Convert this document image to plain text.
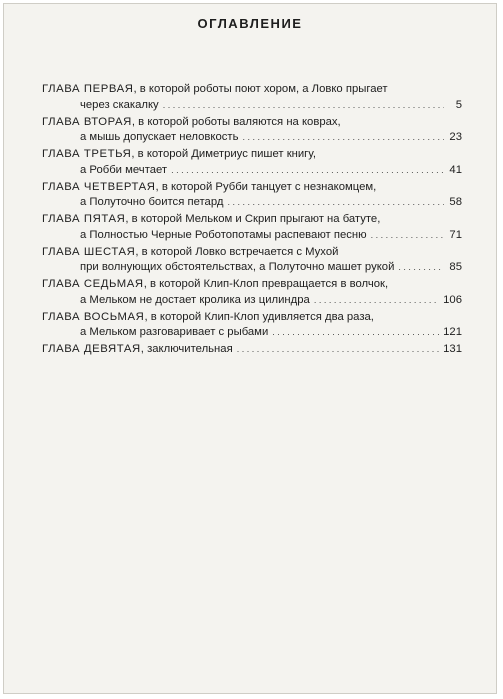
ОГЛАВЛЕНИЕ
ГЛАВА ПЕРВАЯ , в которой роботы поют хором, а Ловко прыгает
через скакалку . . .	5
ГЛАВА ВТОРАЯ , в которой роботы валяются на коврах,
а мышь допускает неловкость . . .	23
ГЛАВА ТРЕТЬЯ , в которой Диметриус пишет книгу,
а Робби мечтает . . .	41
ГЛАВА ЧЕТВЕРТАЯ , в которой Рубби танцует с незнакомцем,
а Полуточно боится петард . . .	58
ГЛАВА ПЯТАЯ , в которой Мельком и Скрип прыгают на батуте,
а Полностью Черные Роботопотамы распевают песню . . .	71
ГЛАВА ШЕСТАЯ , в которой Ловко встречается с Мухой
при волнующих обстоятельствах, а Полуточно машет рукой . . .	85
ГЛАВА СЕДЬМАЯ , в которой Клип-Клоп превращается в волчок,
а Мельком не достает кролика из цилиндра . . .	106
ГЛАВА ВОСЬМАЯ , в которой Клип-Клоп удивляется два раза,
а Мельком разговаривает с рыбами . . .	121
ГЛАВА ДЕВЯТАЯ , заключительная . . .	131
